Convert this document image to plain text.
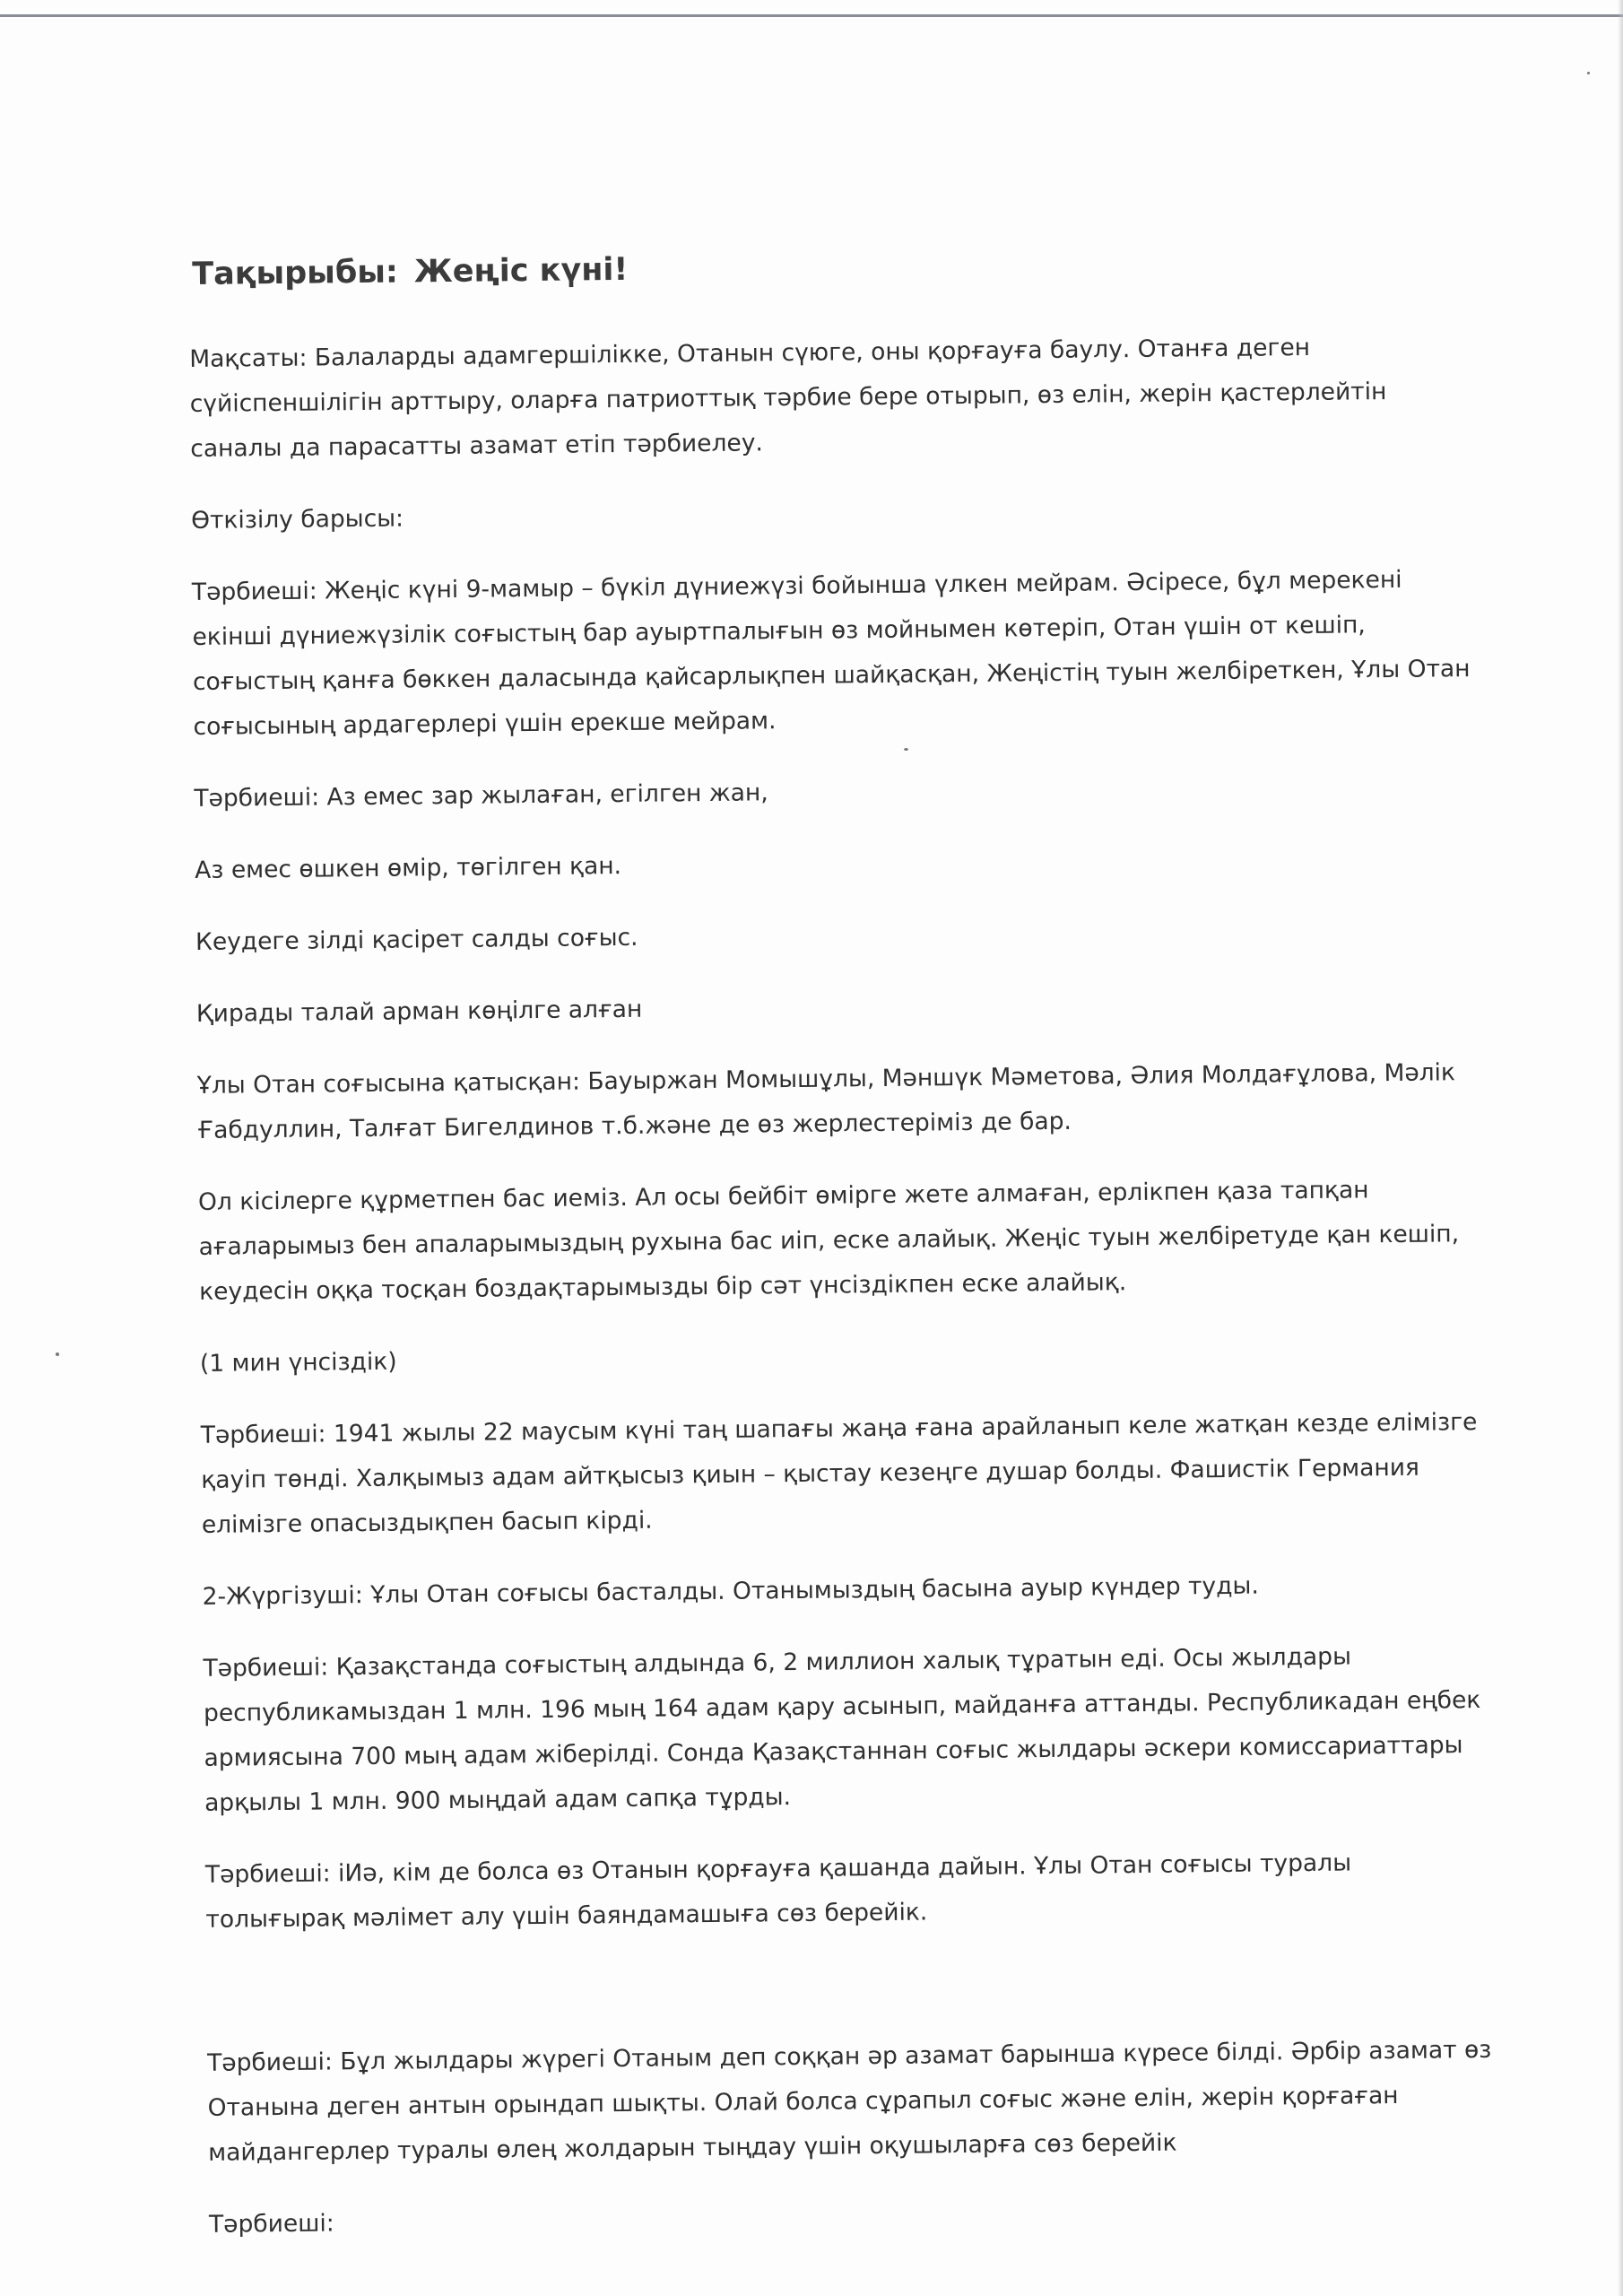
Тақырыбы: Жеңіс күні!

Мақсаты: Балаларды адамгершілікке, Отанын сүюге, оны қорғауға баулу. Отанға деген сүйіспеншілігін арттыру, оларға патриоттық тәрбие бере отырып, өз елін, жерін қастерлейтін саналы да парасатты азамат етіп тәрбиелеу.

Өткізілу барысы:

Тәрбиеші: Жеңіс күні 9-мамыр – бүкіл дүниежүзі бойынша үлкен мейрам. Әсіресе, бұл мерекені екінші дүниежүзілік соғыстың бар ауыртпалығын өз мойнымен көтеріп, Отан үшін от кешіп, соғыстың қанға бөккен даласында қайсарлықпен шайқасқан, Жеңістің туын желбіреткен, Ұлы Отан соғысының ардагерлері үшін ерекше мейрам.

Тәрбиеші: Аз емес зар жылаған, егілген жан,

Аз емес өшкен өмір, төгілген қан.

Кеудеге зілді қасірет салды соғыс.

Қирады талай арман көңілге алған

Ұлы Отан соғысына қатысқан: Бауыржан Момышұлы, Мәншүк Мәметова, Әлия Молдағұлова, Мәлік Ғабдуллин, Талғат Бигелдинов т.б.және де өз жерлестеріміз де бар.

Ол кісілерге құрметпен бас иеміз. Ал осы бейбіт өмірге жете алмаған, ерлікпен қаза тапқан ағаларымыз бен апаларымыздың рухына бас иіп, еске алайық. Жеңіс туын желбіретуде қан кешіп, кеудесін оққа тосқан боздақтарымызды бір сәт үнсіздікпен еске алайық.

(1 мин үнсіздік)

Тәрбиеші: 1941 жылы 22 маусым күні таң шапағы жаңа ғана арайланып келе жатқан кезде елімізге қауіп төнді. Халқымыз адам айтқысыз қиын – қыстау кезеңге душар болды. Фашистік Германия елімізге опасыздықпен басып кірді.

2-Жүргізуші: Ұлы Отан соғысы басталды. Отанымыздың басына ауыр күндер туды.

Тәрбиеші: Қазақстанда соғыстың алдында 6, 2 миллион халық тұратын еді. Осы жылдары республикамыздан 1 млн. 196 мың 164 адам қару асынып, майданға аттанды. Республикадан еңбек армиясына 700 мың адам жіберілді. Сонда Қазақстаннан соғыс жылдары әскери комиссариаттары арқылы 1 млн. 900 мыңдай адам сапқа тұрды.

Тәрбиеші: іИә, кім де болса өз Отанын қорғауға қашанда дайын. Ұлы Отан соғысы туралы толығырақ мәлімет алу үшін баяндамашыға сөз берейік.

Тәрбиеші: Бұл жылдары жүрегі Отаным деп соққан әр азамат барынша күресе білді. Әрбір азамат өз Отанына деген антын орындап шықты. Олай болса сұрапыл соғыс және елін, жерін қорғаған майдангерлер туралы өлең жолдарын тыңдау үшін оқушыларға сөз берейік

Тәрбиеші:
